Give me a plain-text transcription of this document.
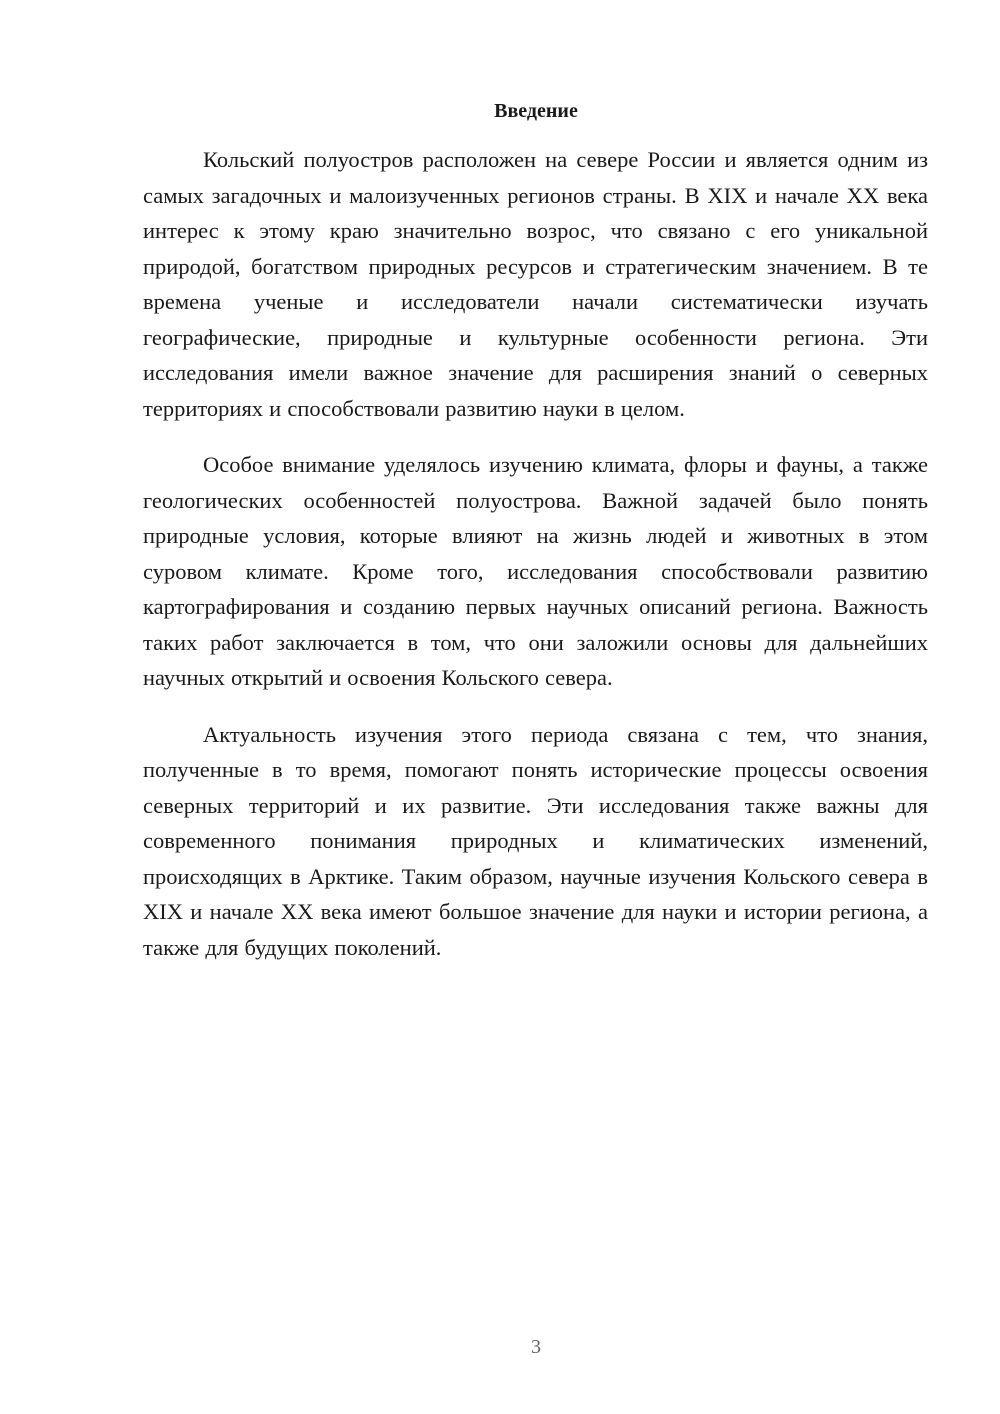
Введение

Кольский полуостров расположен на севере России и является одним из самых загадочных и малоизученных регионов страны. В XIX и начале XX века интерес к этому краю значительно возрос, что связано с его уникальной природой, богатством природных ресурсов и стратегическим значением. В те времена ученые и исследователи начали систематически изучать географические, природные и культурные особенности региона. Эти исследования имели важное значение для расширения знаний о северных территориях и способствовали развитию науки в целом.

Особое внимание уделялось изучению климата, флоры и фауны, а также геологических особенностей полуострова. Важной задачей было понять природные условия, которые влияют на жизнь людей и животных в этом суровом климате. Кроме того, исследования способствовали развитию картографирования и созданию первых научных описаний региона. Важность таких работ заключается в том, что они заложили основы для дальнейших научных открытий и освоения Кольского севера.

Актуальность изучения этого периода связана с тем, что знания, полученные в то время, помогают понять исторические процессы освоения северных территорий и их развитие. Эти исследования также важны для современного понимания природных и климатических изменений, происходящих в Арктике. Таким образом, научные изучения Кольского севера в XIX и начале XX века имеют большое значение для науки и истории региона, а также для будущих поколений.

3
